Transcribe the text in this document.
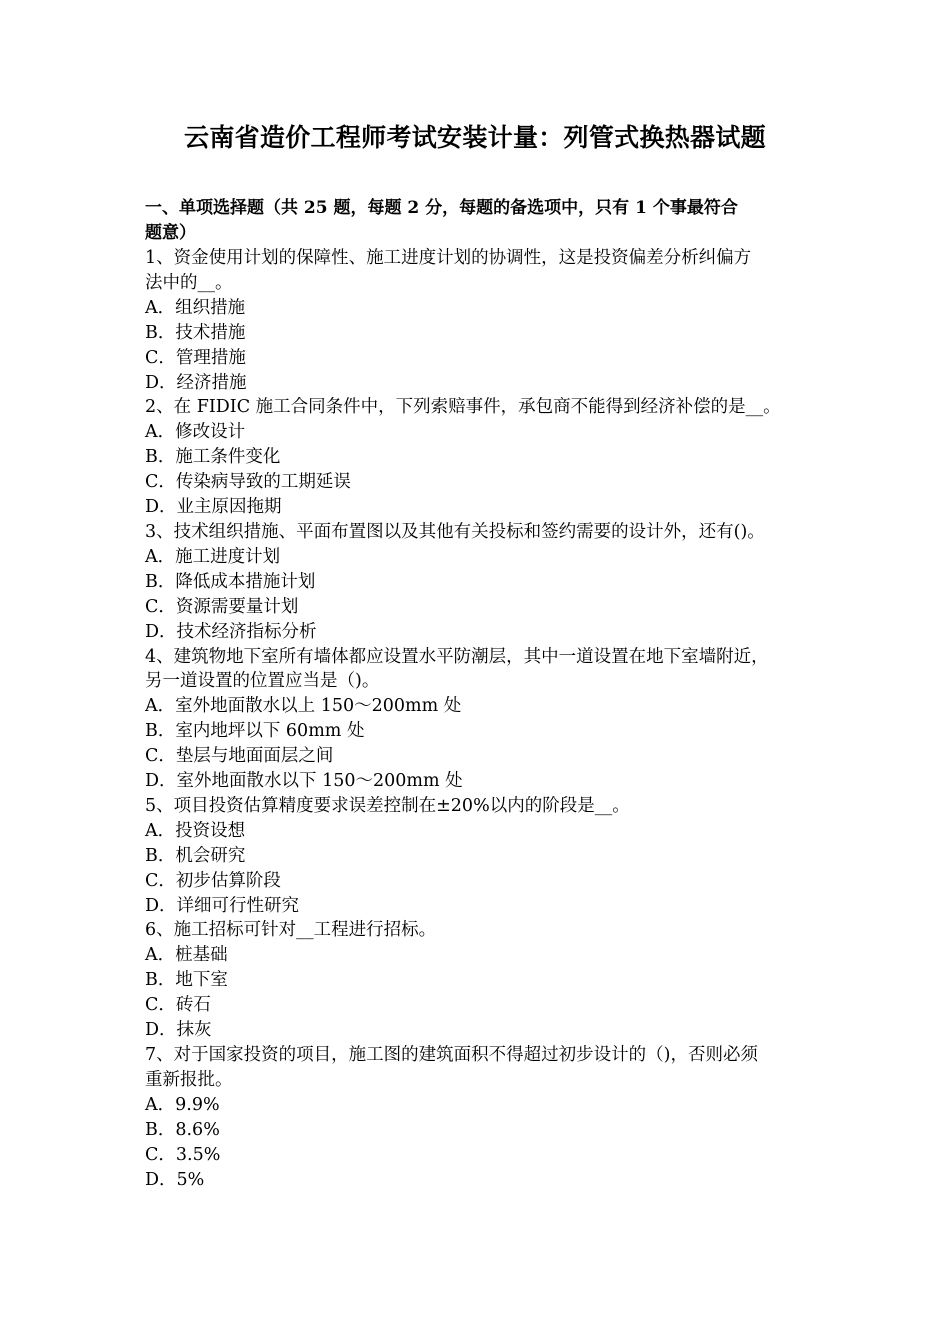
云南省造价工程师考试安装计量：列管式换热器试题

一、单项选择题（共 25 题，每题 2 分，每题的备选项中，只有 1 个事最符合

题意）

1、资金使用计划的保障性、施工进度计划的协调性，这是投资偏差分析纠偏方

法中的__。

A．组织措施

B．技术措施

C．管理措施

D．经济措施

2、在 FIDIC 施工合同条件中，下列索赔事件，承包商不能得到经济补偿的是__。

A．修改设计

B．施工条件变化

C．传染病导致的工期延误

D．业主原因拖期

3、技术组织措施、平面布置图以及其他有关投标和签约需要的设计外，还有()。

A．施工进度计划

B．降低成本措施计划

C．资源需要量计划

D．技术经济指标分析

4、建筑物地下室所有墙体都应设置水平防潮层，其中一道设置在地下室墙附近，

另一道设置的位置应当是（)。

A．室外地面散水以上 150～200mm 处

B．室内地坪以下 60mm 处

C．垫层与地面面层之间

D．室外地面散水以下 150～200mm 处

5、项目投资估算精度要求误差控制在±20%以内的阶段是__。

A．投资设想

B．机会研究

C．初步估算阶段

D．详细可行性研究

6、施工招标可针对__工程进行招标。

A．桩基础

B．地下室

C．砖石

D．抹灰

7、对于国家投资的项目，施工图的建筑面积不得超过初步设计的（)，否则必须

重新报批。

A．9.9%

B．8.6%

C．3.5%

D．5%
